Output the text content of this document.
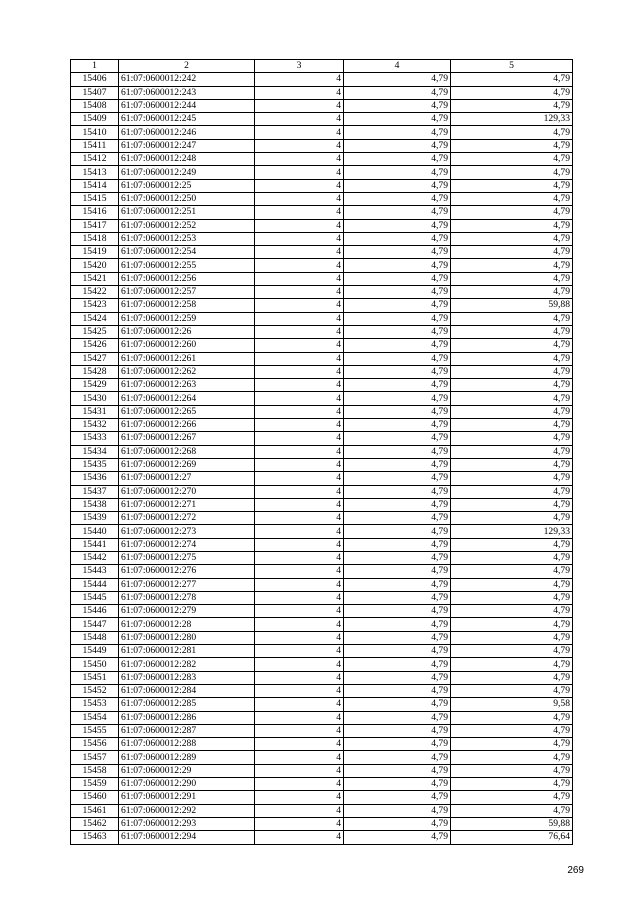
1	2	3	4	5
15406	61:07:0600012:242	4	4,79	4,79
15407	61:07:0600012:243	4	4,79	4,79
15408	61:07:0600012:244	4	4,79	4,79
15409	61:07:0600012:245	4	4,79	129,33
15410	61:07:0600012:246	4	4,79	4,79
15411	61:07:0600012:247	4	4,79	4,79
15412	61:07:0600012:248	4	4,79	4,79
15413	61:07:0600012:249	4	4,79	4,79
15414	61:07:0600012:25	4	4,79	4,79
15415	61:07:0600012:250	4	4,79	4,79
15416	61:07:0600012:251	4	4,79	4,79
15417	61:07:0600012:252	4	4,79	4,79
15418	61:07:0600012:253	4	4,79	4,79
15419	61:07:0600012:254	4	4,79	4,79
15420	61:07:0600012:255	4	4,79	4,79
15421	61:07:0600012:256	4	4,79	4,79
15422	61:07:0600012:257	4	4,79	4,79
15423	61:07:0600012:258	4	4,79	59,88
15424	61:07:0600012:259	4	4,79	4,79
15425	61:07:0600012:26	4	4,79	4,79
15426	61:07:0600012:260	4	4,79	4,79
15427	61:07:0600012:261	4	4,79	4,79
15428	61:07:0600012:262	4	4,79	4,79
15429	61:07:0600012:263	4	4,79	4,79
15430	61:07:0600012:264	4	4,79	4,79
15431	61:07:0600012:265	4	4,79	4,79
15432	61:07:0600012:266	4	4,79	4,79
15433	61:07:0600012:267	4	4,79	4,79
15434	61:07:0600012:268	4	4,79	4,79
15435	61:07:0600012:269	4	4,79	4,79
15436	61:07:0600012:27	4	4,79	4,79
15437	61:07:0600012:270	4	4,79	4,79
15438	61:07:0600012:271	4	4,79	4,79
15439	61:07:0600012:272	4	4,79	4,79
15440	61:07:0600012:273	4	4,79	129,33
15441	61:07:0600012:274	4	4,79	4,79
15442	61:07:0600012:275	4	4,79	4,79
15443	61:07:0600012:276	4	4,79	4,79
15444	61:07:0600012:277	4	4,79	4,79
15445	61:07:0600012:278	4	4,79	4,79
15446	61:07:0600012:279	4	4,79	4,79
15447	61:07:0600012:28	4	4,79	4,79
15448	61:07:0600012:280	4	4,79	4,79
15449	61:07:0600012:281	4	4,79	4,79
15450	61:07:0600012:282	4	4,79	4,79
15451	61:07:0600012:283	4	4,79	4,79
15452	61:07:0600012:284	4	4,79	4,79
15453	61:07:0600012:285	4	4,79	9,58
15454	61:07:0600012:286	4	4,79	4,79
15455	61:07:0600012:287	4	4,79	4,79
15456	61:07:0600012:288	4	4,79	4,79
15457	61:07:0600012:289	4	4,79	4,79
15458	61:07:0600012:29	4	4,79	4,79
15459	61:07:0600012:290	4	4,79	4,79
15460	61:07:0600012:291	4	4,79	4,79
15461	61:07:0600012:292	4	4,79	4,79
15462	61:07:0600012:293	4	4,79	59,88
15463	61:07:0600012:294	4	4,79	76,64
269
